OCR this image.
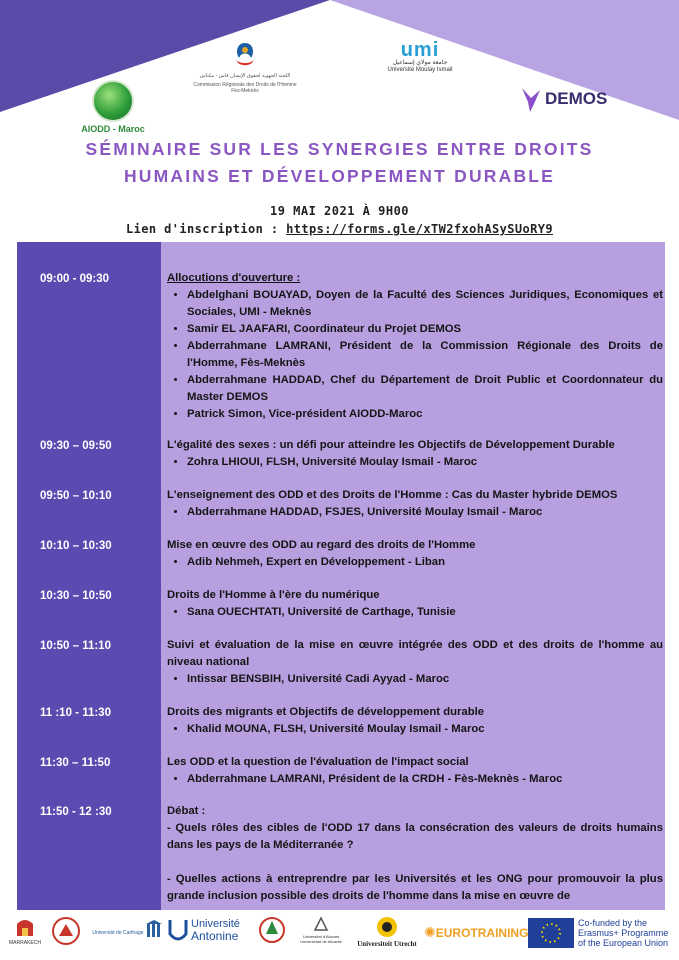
AIODD - Maroc
اللجنة الجهوية لحقوق الإنسان فاس - مكناس
Commission Régionale des Droits de l'Homme Fès-Meknès
umi
جامعة مولاي إسماعيل
Université Moulay Ismail
DEMOS
SÉMINAIRE SUR LES SYNERGIES ENTRE DROITS
HUMAINS ET DÉVELOPPEMENT DURABLE
19 MAI 2021 À 9H00
Lien d'inscription : https://forms.gle/xTW2fxohASySUoRY9
09:00 - 09:30	Allocutions d'ouverture :
• Abdelghani BOUAYAD, Doyen de la Faculté des Sciences Juridiques, Economiques et Sociales, UMI - Meknès
• Samir EL JAAFARI, Coordinateur du Projet DEMOS
• Abderrahmane LAMRANI, Président de la Commission Régionale des Droits de l'Homme, Fès-Meknès
• Abderrahmane HADDAD, Chef du Département de Droit Public et Coordonnateur du Master DEMOS
• Patrick Simon, Vice-président AIODD-Maroc
09:30 – 09:50	L'égalité des sexes : un défi pour atteindre les Objectifs de Développement Durable
• Zohra LHIOUI, FLSH, Université Moulay Ismail - Maroc
09:50 – 10:10	L'enseignement des ODD et des Droits de l'Homme : Cas du Master hybride DEMOS
• Abderrahmane HADDAD, FSJES, Université Moulay Ismail - Maroc
10:10 – 10:30	Mise en œuvre des ODD au regard des droits de l'Homme
• Adib Nehmeh, Expert en Développement - Liban
10:30 – 10:50	Droits de l'Homme à l'ère du numérique
• Sana OUECHTATI, Université de Carthage, Tunisie
10:50 – 11:10	Suivi et évaluation de la mise en œuvre intégrée des ODD et des droits de l'homme au niveau national
• Intissar BENSBIH, Université Cadi Ayyad - Maroc
11 :10 - 11:30	Droits des migrants et Objectifs de développement durable
• Khalid MOUNA, FLSH, Université Moulay Ismail - Maroc
11:30 – 11:50	Les ODD et la question de l'évaluation de l'impact social
• Abderrahmane LAMRANI, Président de la CRDH - Fès-Meknès - Maroc
11:50 - 12 :30	Débat :

- Quels rôles des cibles de l'ODD 17 dans la consécration des valeurs de droits humains dans les pays de la Méditerranée ?

- Quelles actions à entreprendre par les Universités et les ONG pour promouvoir la plus grande inclusion possible des droits de l'homme dans la mise en œuvre de

MARRAKECH
Université de Carthage
Université
Antonine	Universitat d'Alacant Universidad de Alicante	Universiteit Utrecht
✺EUROTRAINING
Co-funded by the Erasmus+ Programme of the European Union
